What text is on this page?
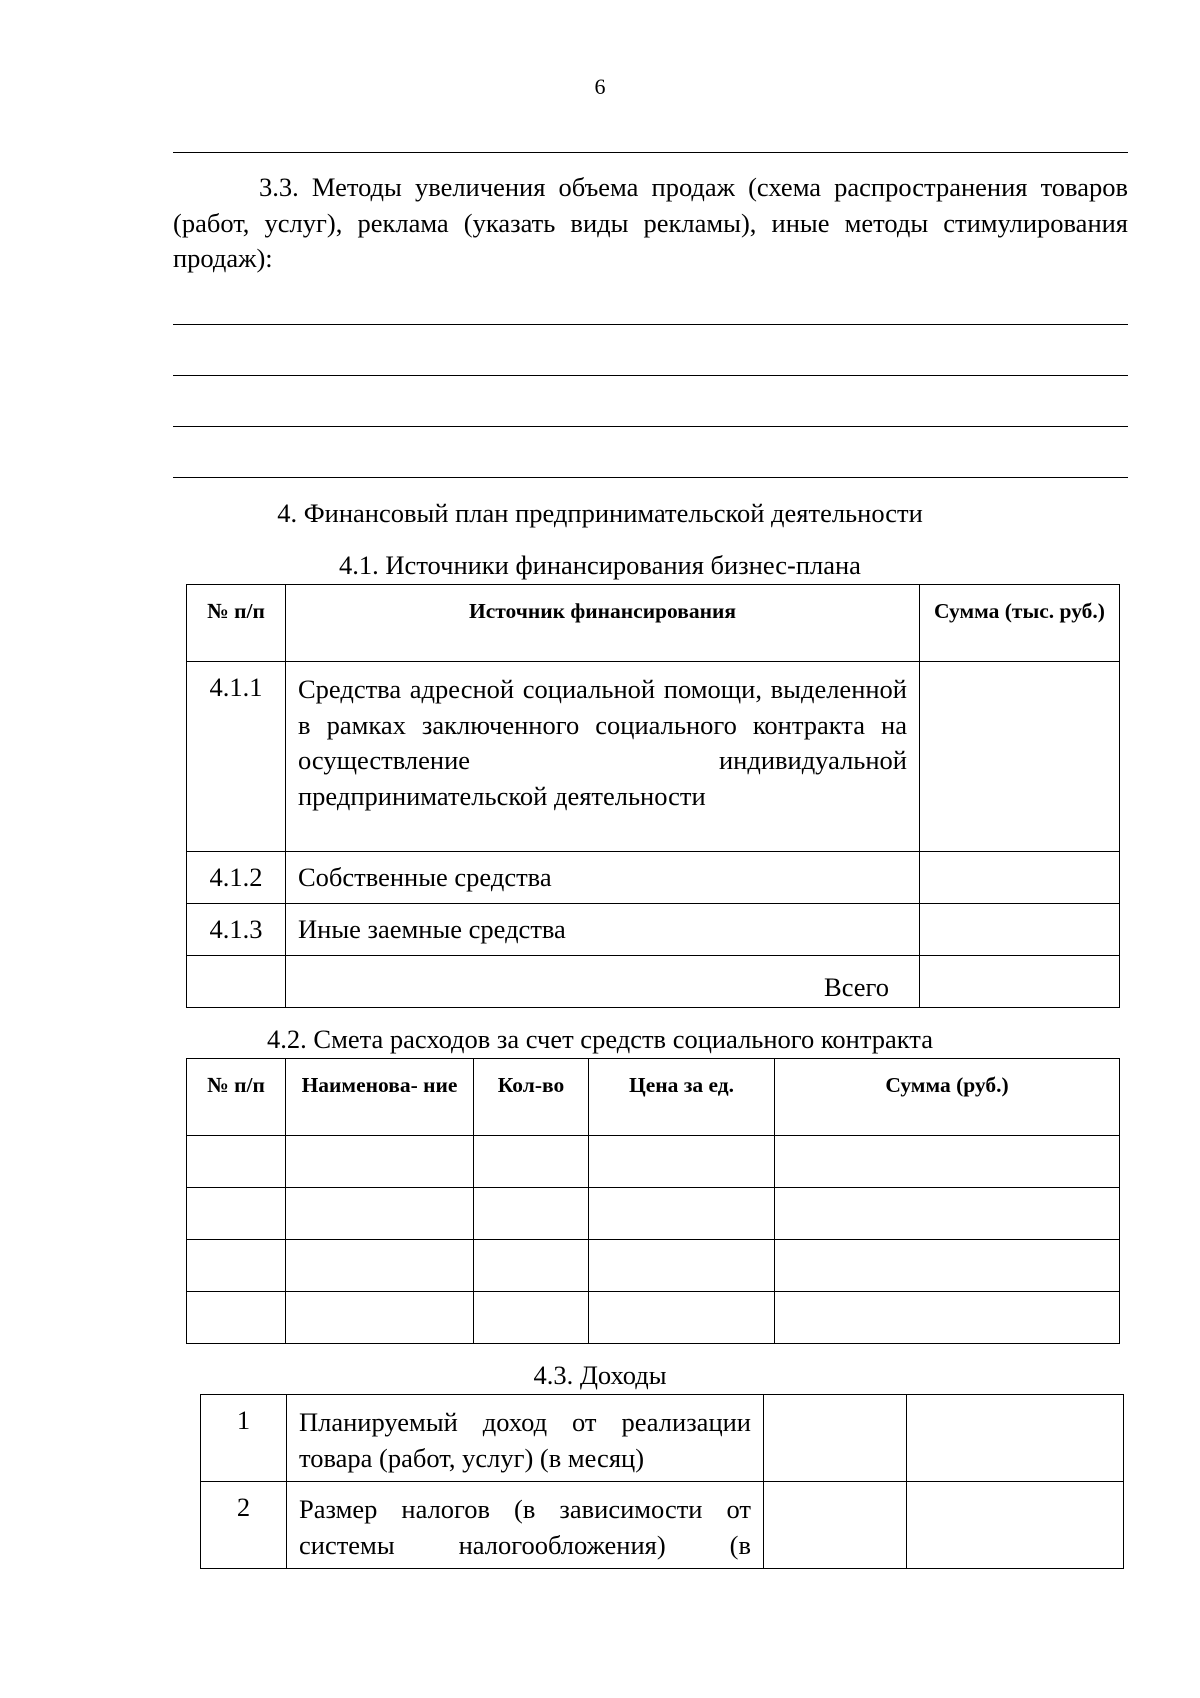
6

3.3. Методы увеличения объема продаж (схема распространения товаров (работ, услуг), реклама (указать виды рекламы), иные методы стимулирования продаж):

4. Финансовый план предпринимательской деятельности
4.1. Источники финансирования бизнес-плана
№ п/п	Источник финансирования	Сумма (тыс. руб.)
4.1.1	Средства адресной социальной помощи, выделенной в рамках заключенного социального контракта на осуществление индивидуальной предпринимательской деятельности	
4.1.2	Собственные средства	
4.1.3	Иные заемные средства	
	Всего	
4.2. Смета расходов за счет средств социального контракта
№ п/п	Наименова- ние	Кол-во	Цена за ед.	Сумма (руб.)

4.3. Доходы
1	Планируемый доход от реализации товара (работ, услуг) (в месяц)		
2	Размер налогов (в зависимости от системы налогообложения) (в		
